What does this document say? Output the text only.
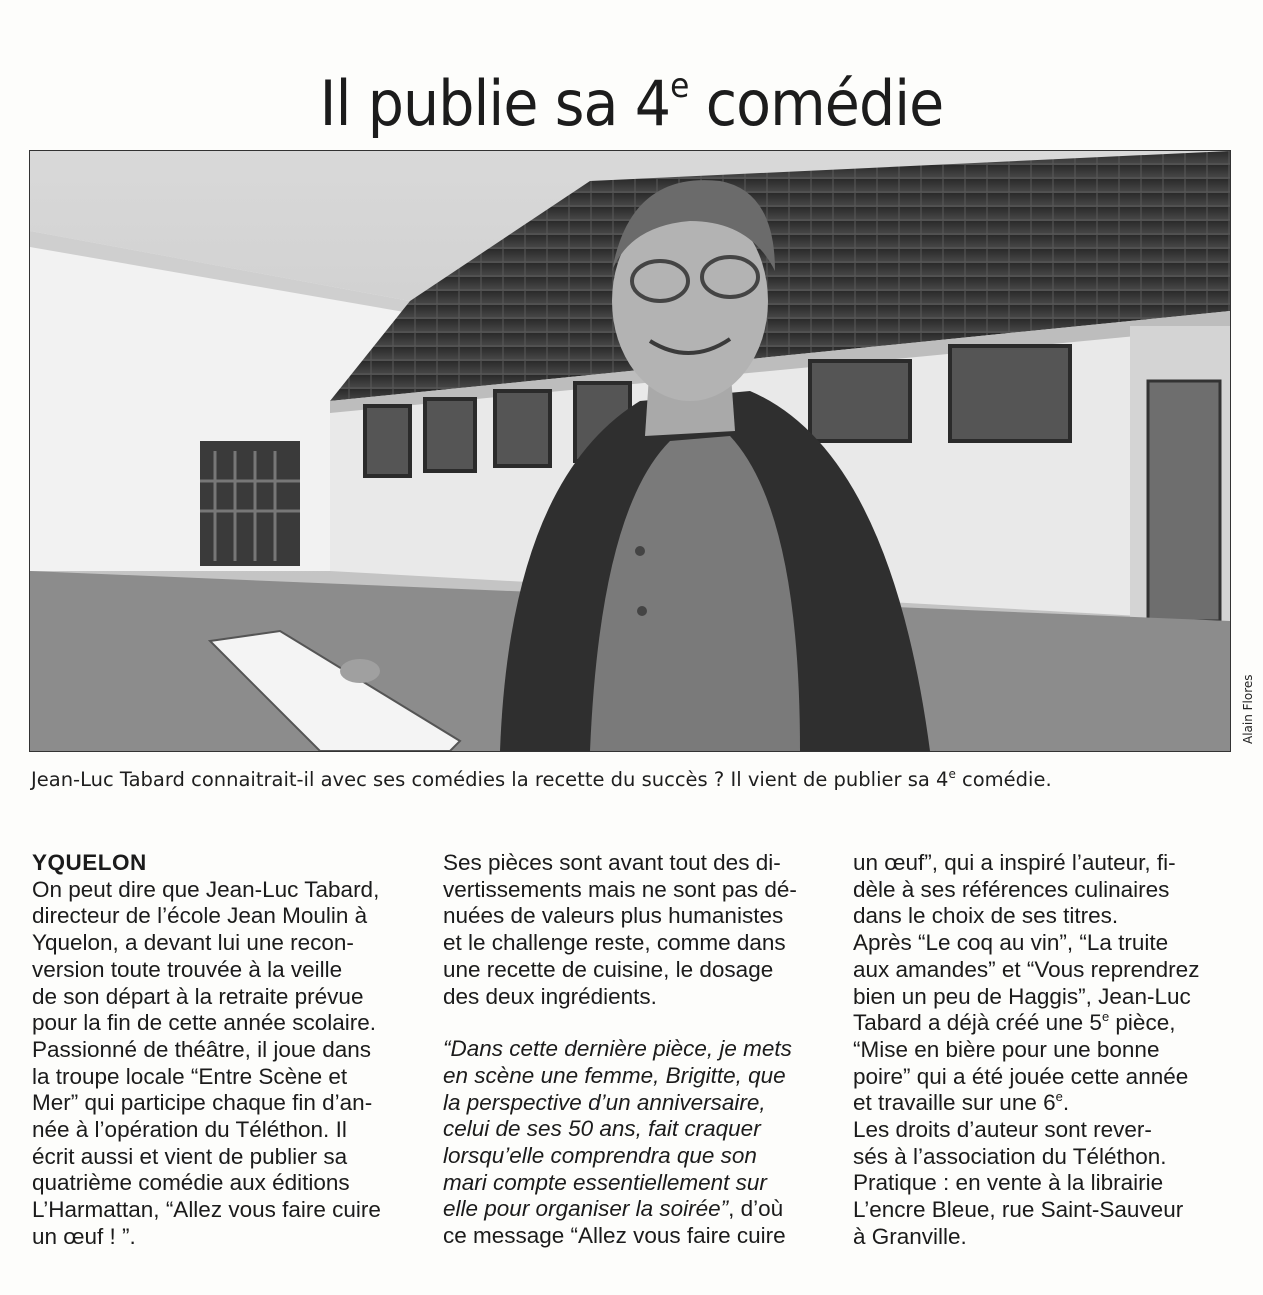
Il publie sa 4e comédie
Alain Flores
Jean-Luc Tabard connaitrait-il avec ses comédies la recette du succès ? Il vient de publier sa 4e comédie.

YQUELON

On peut dire que Jean-Luc Tabard,

directeur de l’école Jean Moulin à

Yquelon, a devant lui une recon-

version toute trouvée à la veille

de son départ à la retraite prévue

pour la fin de cette année scolaire.

Passionné de théâtre, il joue dans

la troupe locale “Entre Scène et

Mer” qui participe chaque fin d’an-

née à l’opération du Téléthon. Il

écrit aussi et vient de publier sa

quatrième comédie aux éditions

L’Harmattan, “Allez vous faire cuire

un œuf ! ”.

Ses pièces sont avant tout des di-

vertissements mais ne sont pas dé-

nuées de valeurs plus humanistes

et le challenge reste, comme dans

une recette de cuisine, le dosage

des deux ingrédients.

“Dans cette dernière pièce, je mets

en scène une femme, Brigitte, que

la perspective d’un anniversaire,

celui de ses 50 ans, fait craquer

lorsqu’elle comprendra que son

mari compte essentiellement sur

elle pour organiser la soirée”, d’où

ce message “Allez vous faire cuire

un œuf”, qui a inspiré l’auteur, fi-

dèle à ses références culinaires

dans le choix de ses titres.

Après “Le coq au vin”, “La truite

aux amandes” et “Vous reprendrez

bien un peu de Haggis”, Jean-Luc

Tabard a déjà créé une 5e pièce,

“Mise en bière pour une bonne

poire” qui a été jouée cette année

et travaille sur une 6e.

Les droits d’auteur sont rever-

sés à l’association du Téléthon.

Pratique : en vente à la librairie

L’encre Bleue, rue Saint-Sauveur

à Granville.
